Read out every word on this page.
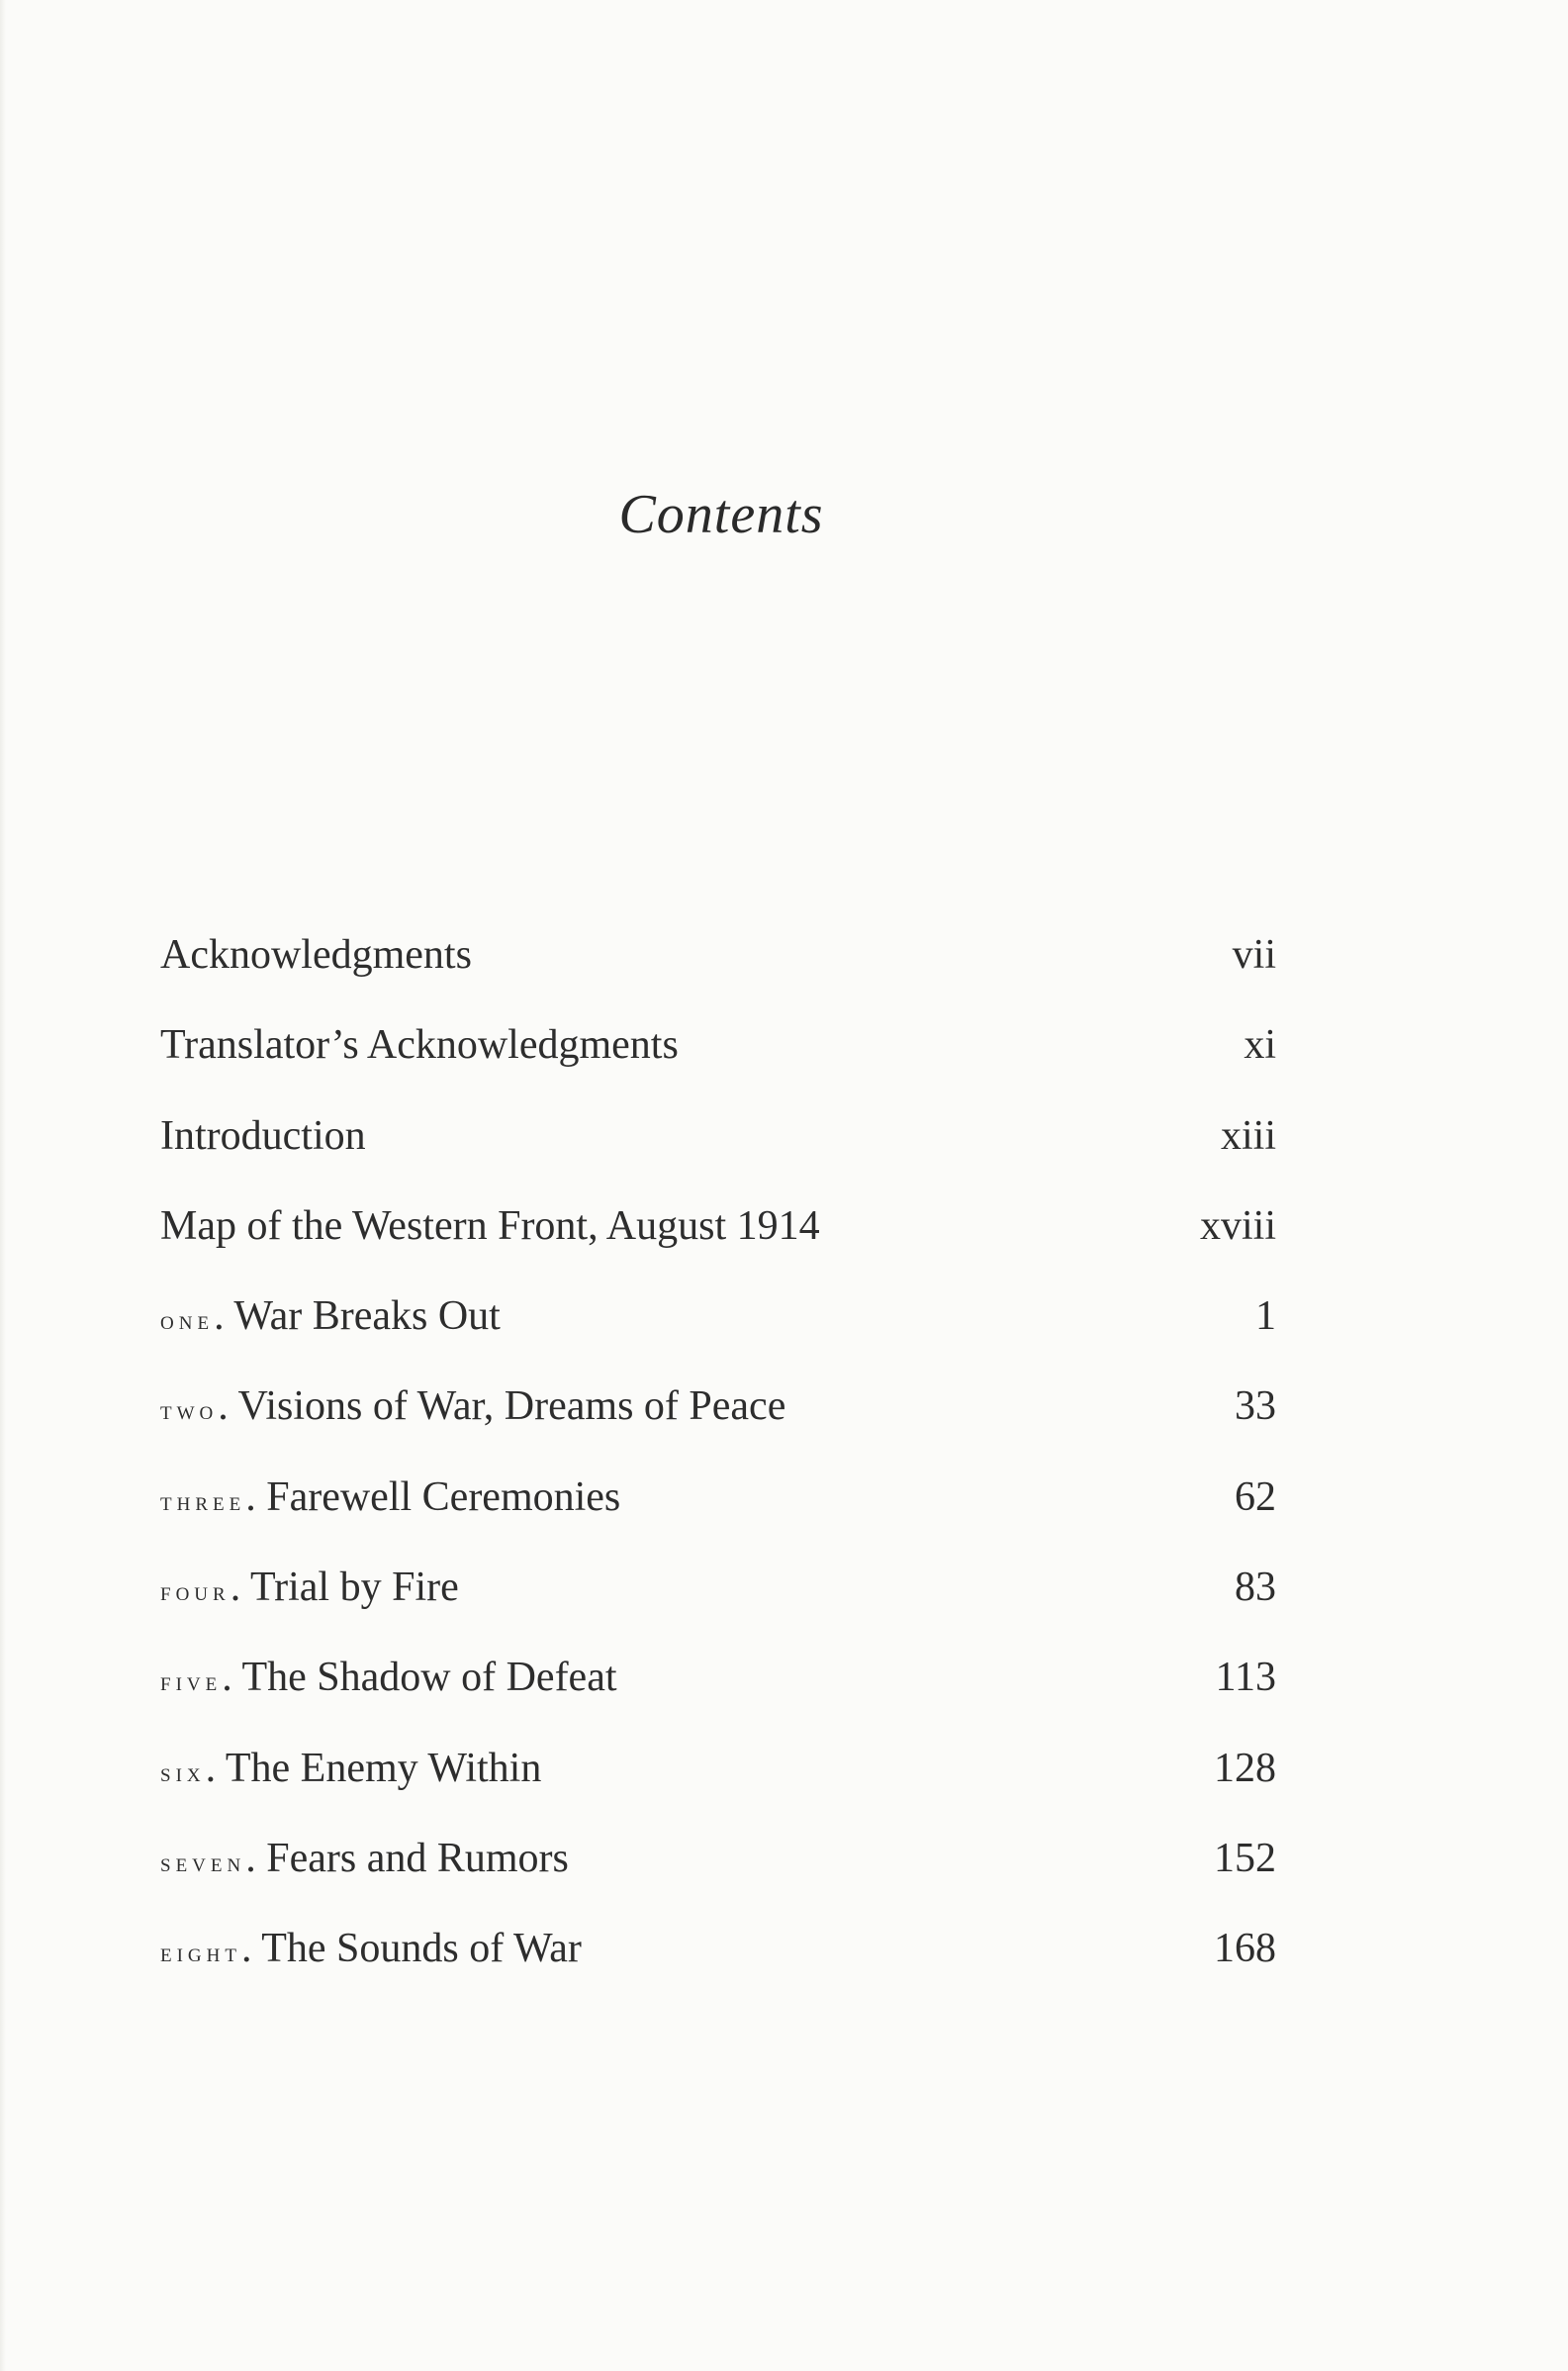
Contents
Acknowledgments	vii
Translator’s Acknowledgments	xi
Introduction	xiii
Map of the Western Front, August 1914	xviii
one. War Breaks Out	1
two. Visions of War, Dreams of Peace	33
three. Farewell Ceremonies	62
four. Trial by Fire	83
five. The Shadow of Defeat	113
six. The Enemy Within	128
seven. Fears and Rumors	152
eight. The Sounds of War	168
